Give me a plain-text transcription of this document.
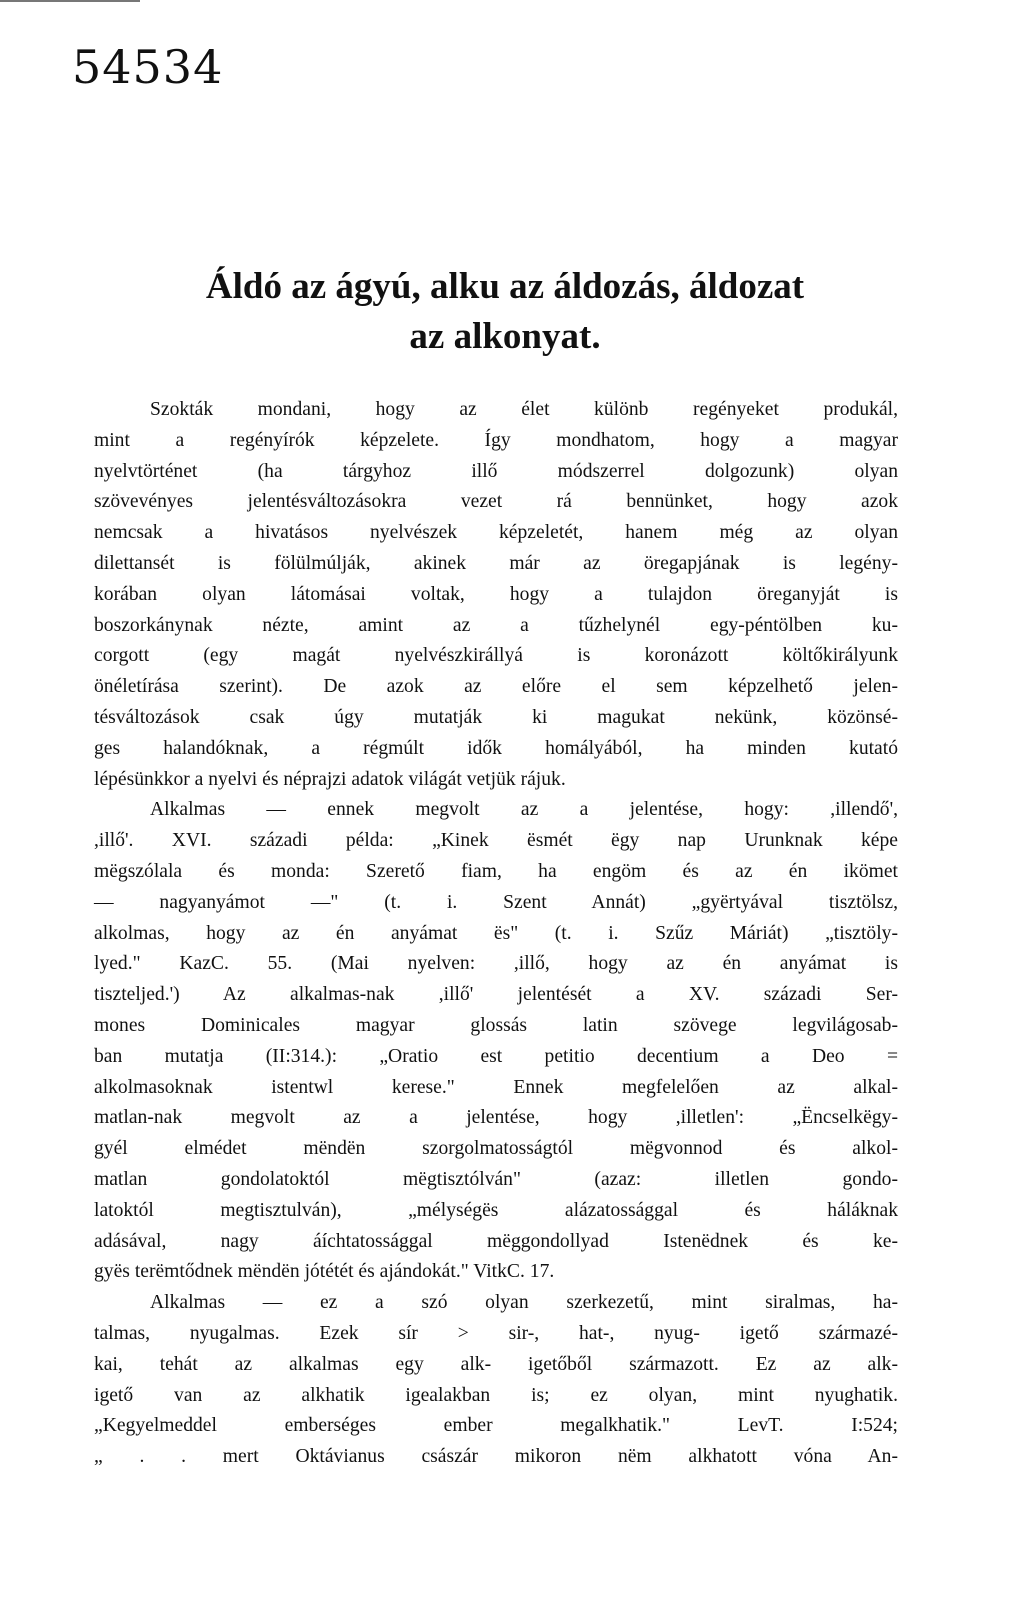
54534
Áldó az ágyú, alku az áldozás, áldozat
az alkonyat.
Szokták mondani, hogy az élet különb regényeket produkál,
mint a regényírók képzelete. Így mondhatom, hogy a magyar
nyelvtörténet (ha tárgyhoz illő módszerrel dolgozunk) olyan
szövevényes jelentésváltozásokra vezet rá bennünket, hogy azok
nemcsak a hivatásos nyelvészek képzeletét, hanem még az olyan
dilettansét is fölülmúlják, akinek már az öregapjának is legény-
korában olyan látomásai voltak, hogy a tulajdon öreganyját is
boszorkánynak nézte, amint az a tűzhelynél egy-péntölben ku-
corgott (egy magát nyelvészkirállyá is koronázott költőkirályunk
önéletírása szerint). De azok az előre el sem képzelhető jelen-
tésváltozások csak úgy mutatják ki magukat nekünk, közönsé-
ges halandóknak, a régmúlt idők homályából, ha minden kutató
lépésünkkor a nyelvi és néprajzi adatok világát vetjük rájuk.
Alkalmas — ennek megvolt az a jelentése, hogy: ,illendő',
,illő'. XVI. századi példa: „Kinek ësmét ëgy nap Urunknak képe
mëgszólala és monda: Szerető fiam, ha engöm és az én ikömet
— nagyanyámot —" (t. i. Szent Annát) „gyërtyával tisztölsz,
alkolmas, hogy az én anyámat ës" (t. i. Szűz Máriát) „tisztöly-
lyed." KazC. 55. (Mai nyelven: ,illő, hogy az én anyámat is
tiszteljed.') Az alkalmas-nak ,illő' jelentését a XV. századi Ser-
mones Dominicales magyar glossás latin szövege legvilágosab-
ban mutatja (II:314.): „Oratio est petitio decentium a Deo =
alkolmasoknak istentwl kerese." Ennek megfelelően az alkal-
matlan-nak megvolt az a jelentése, hogy ,illetlen': „Ëncselkëgy-
gyél elmédet mëndën szorgolmatosságtól mëgvonnod és alkol-
matlan gondolatoktól mëgtisztólván" (azaz: illetlen gondo-
latoktól megtisztulván), „mélységës alázatossággal és háláknak
adásával, nagy áíchtatossággal mëggondollyad Istenëdnek és ke-
gyës terëmtődnek mëndën jótétét és ajándokát." VitkC. 17.
Alkalmas — ez a szó olyan szerkezetű, mint siralmas, ha-
talmas, nyugalmas. Ezek sír > sir-, hat-, nyug- igető származé-
kai, tehát az alkalmas egy alk- igetőből származott. Ez az alk-
igető van az alkhatik igealakban is; ez olyan, mint nyughatik.
„Kegyelmeddel emberséges ember megalkhatik." LevT. I:524;
„ . . mert Oktávianus császár mikoron nëm alkhatott vóna An-
